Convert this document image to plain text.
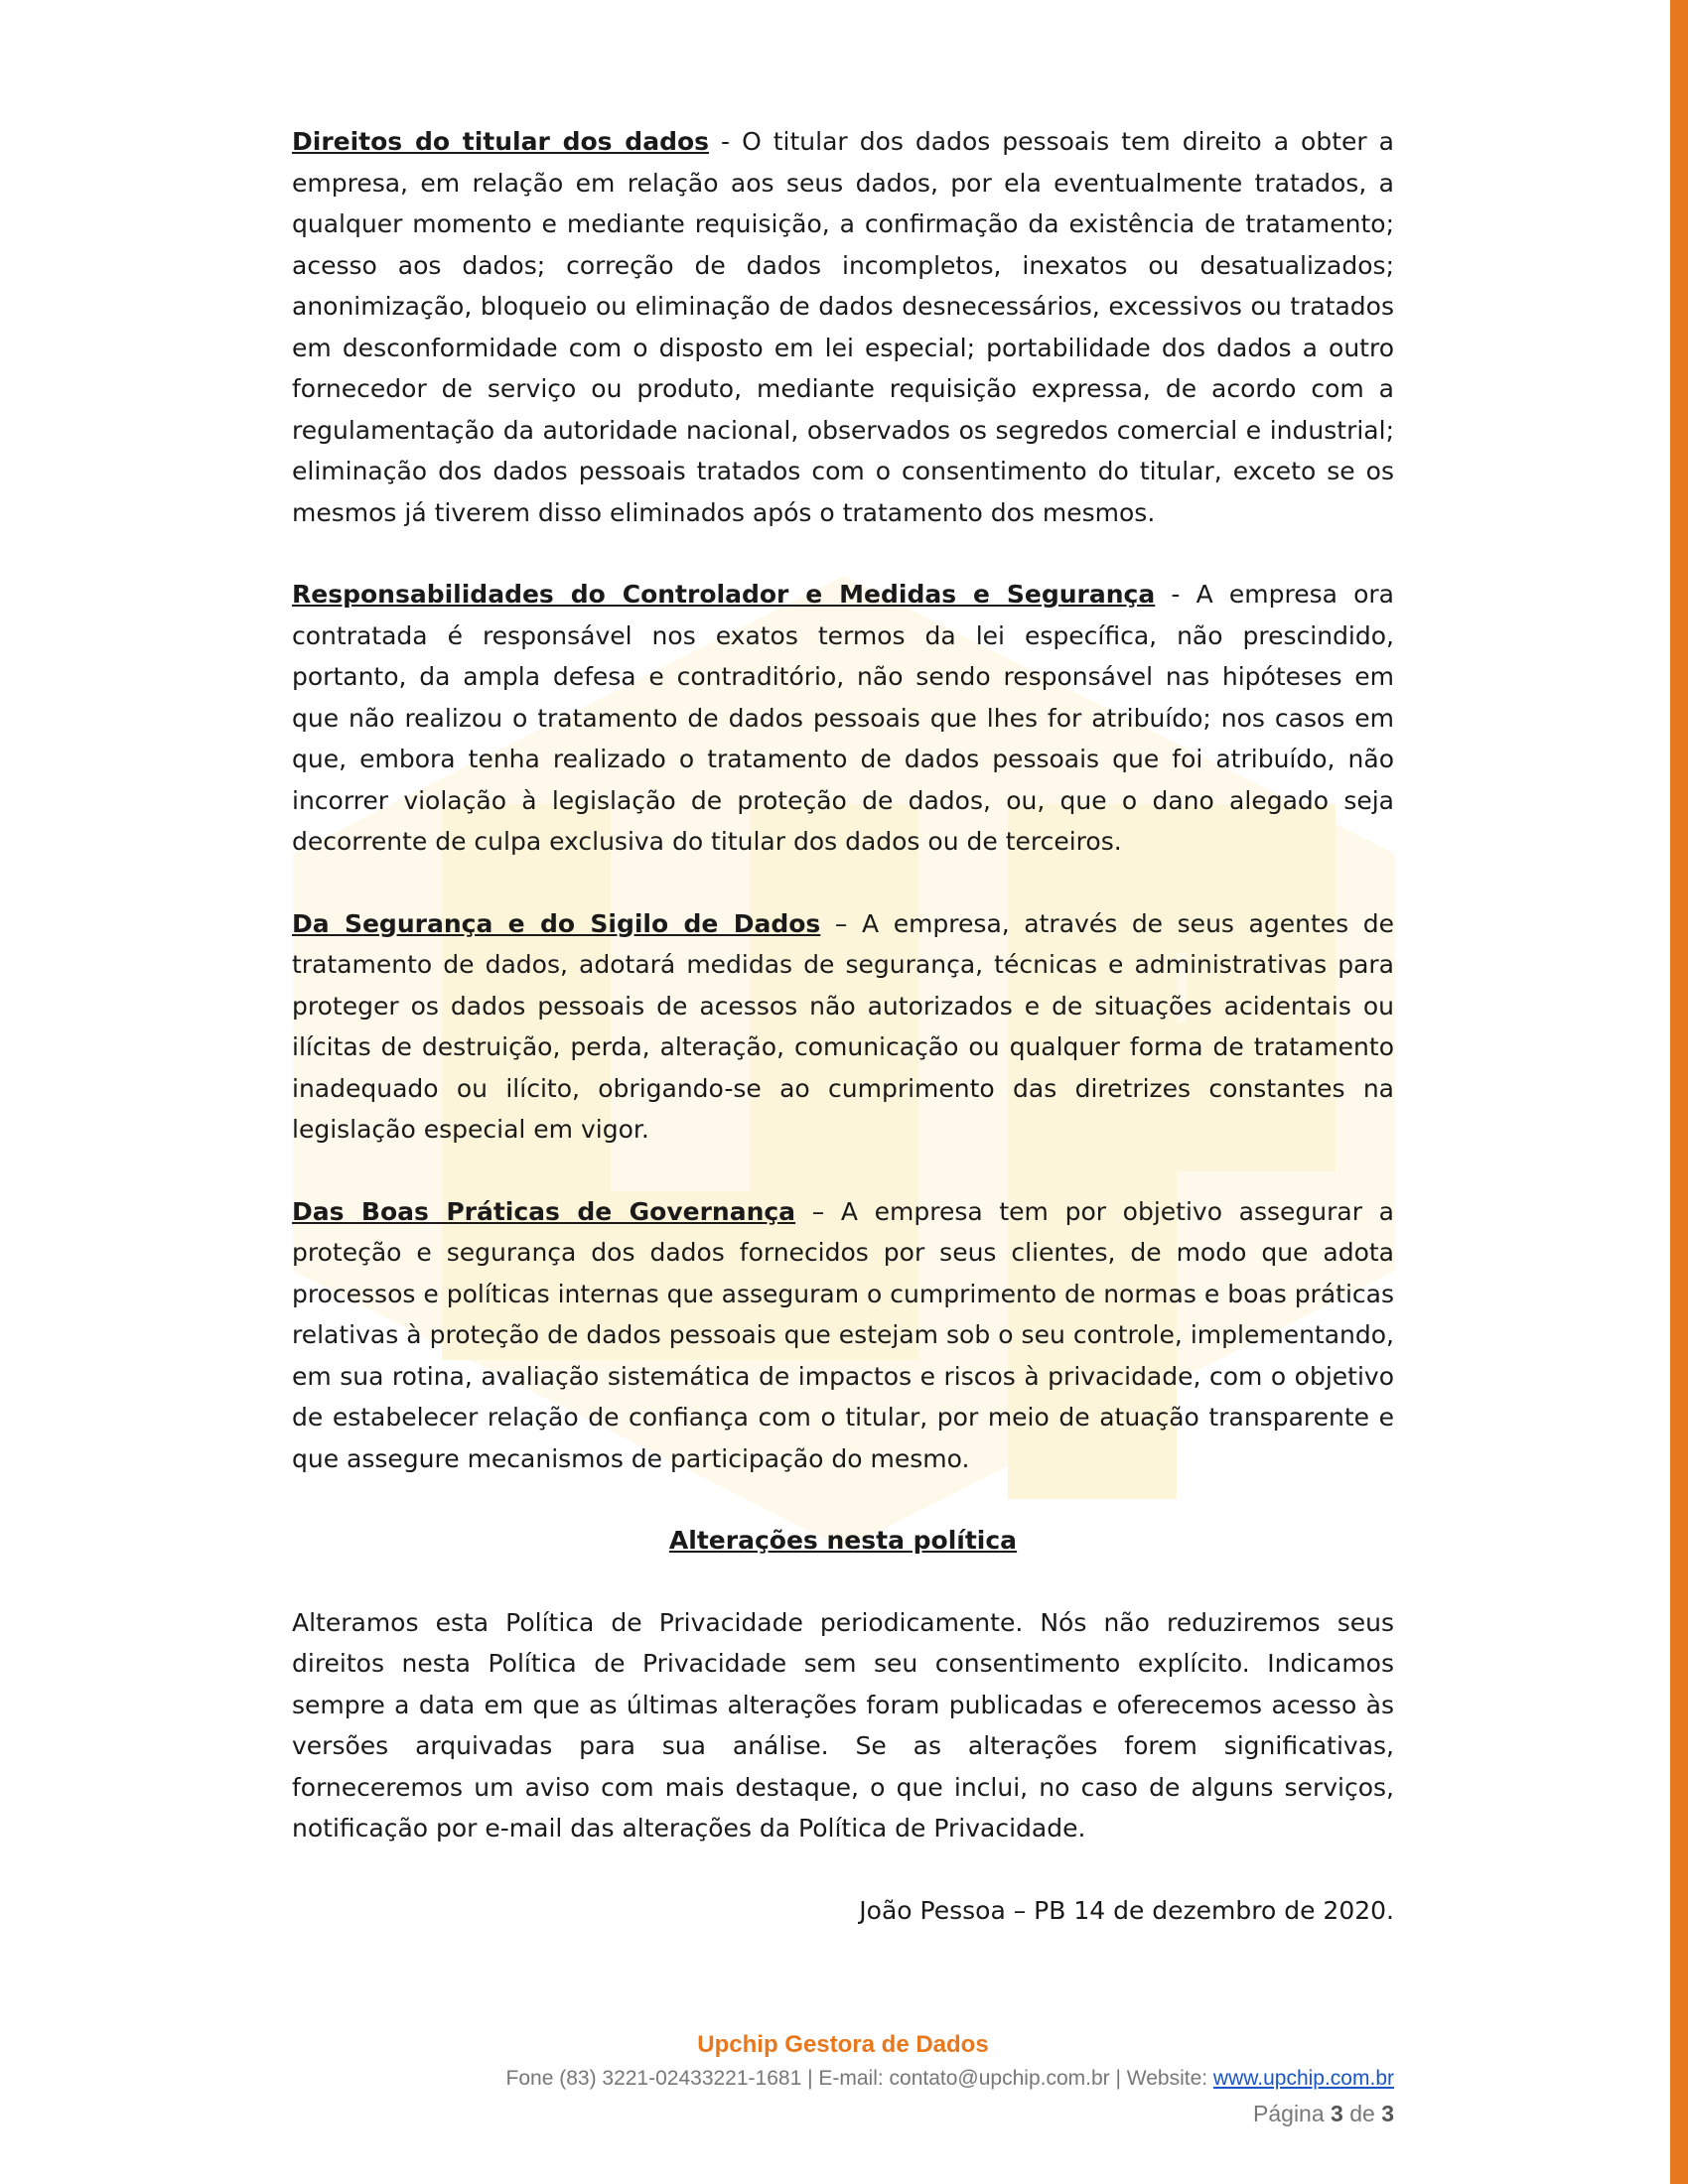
Direitos do titular dos dados - O titular dos dados pessoais tem direito a obter a empresa, em relação em relação aos seus dados, por ela eventualmente tratados, a qualquer momento e mediante requisição, a confirmação da existência de tratamento; acesso aos dados; correção de dados incompletos, inexatos ou desatualizados; anonimização, bloqueio ou eliminação de dados desnecessários, excessivos ou tratados em desconformidade com o disposto em lei especial; portabilidade dos dados a outro fornecedor de serviço ou produto, mediante requisição expressa, de acordo com a regulamentação da autoridade nacional, observados os segredos comercial e industrial; eliminação dos dados pessoais tratados com o consentimento do titular, exceto se os mesmos já tiverem disso eliminados após o tratamento dos mesmos.

Responsabilidades do Controlador e Medidas e Segurança - A empresa ora contratada é responsável nos exatos termos da lei específica, não prescindido, portanto, da ampla defesa e contraditório, não sendo responsável nas hipóteses em que não realizou o tratamento de dados pessoais que lhes for atribuído; nos casos em que, embora tenha realizado o tratamento de dados pessoais que foi atribuído, não incorrer violação à legislação de proteção de dados, ou, que o dano alegado seja decorrente de culpa exclusiva do titular dos dados ou de terceiros.

Da Segurança e do Sigilo de Dados – A empresa, através de seus agentes de tratamento de dados, adotará medidas de segurança, técnicas e administrativas para proteger os dados pessoais de acessos não autorizados e de situações acidentais ou ilícitas de destruição, perda, alteração, comunicação ou qualquer forma de tratamento inadequado ou ilícito, obrigando-se ao cumprimento das diretrizes constantes na legislação especial em vigor.

Das Boas Práticas de Governança – A empresa tem por objetivo assegurar a proteção e segurança dos dados fornecidos por seus clientes, de modo que adota processos e políticas internas que asseguram o cumprimento de normas e boas práticas relativas à proteção de dados pessoais que estejam sob o seu controle, implementando, em sua rotina, avaliação sistemática de impactos e riscos à privacidade, com o objetivo de estabelecer relação de confiança com o titular, por meio de atuação transparente e que assegure mecanismos de participação do mesmo.

Alterações nesta política

Alteramos esta Política de Privacidade periodicamente. Nós não reduziremos seus direitos nesta Política de Privacidade sem seu consentimento explícito. Indicamos sempre a data em que as últimas alterações foram publicadas e oferecemos acesso às versões arquivadas para sua análise. Se as alterações forem significativas, forneceremos um aviso com mais destaque, o que inclui, no caso de alguns serviços, notificação por e-mail das alterações da Política de Privacidade.

João Pessoa – PB 14 de dezembro de 2020.

Upchip Gestora de Dados
Fone (83) 3221-02433221-1681 | E-mail: contato@upchip.com.br | Website: www.upchip.com.br
Página 3 de 3
